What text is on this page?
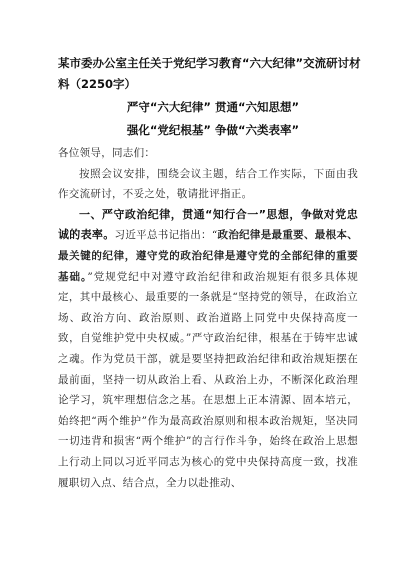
某市委办公室主任关于党纪学习教育“六大纪律”交流研讨材料（2250字）
严守“六大纪律” 贯通“六知思想”
强化“党纪根基” 争做“六类表率”

各位领导，同志们：

按照会议安排，围绕会议主题，结合工作实际，下面由我作交流研讨，不妥之处，敬请批评指正。

一、严守政治纪律，贯通“知行合一”思想，争做对党忠诚的表率。习近平总书记指出：“政治纪律是最重要、最根本、最关键的纪律，遵守党的政治纪律是遵守党的全部纪律的重要基础。”党规党纪中对遵守政治纪律和政治规矩有很多具体规定，其中最核心、最重要的一条就是“坚持党的领导，在政治立场、政治方向、政治原则、政治道路上同党中央保持高度一致，自觉维护党中央权威。”严守政治纪律，根基在于铸牢忠诚之魂。作为党员干部，就是要坚持把政治纪律和政治规矩摆在最前面，坚持一切从政治上看、从政治上办，不断深化政治理论学习，筑牢理想信念之基。在思想上正本清源、固本培元，始终把“两个维护”作为最高政治原则和根本政治规矩，坚决同一切违背和损害“两个维护”的言行作斗争，始终在政治上思想上行动上同以习近平同志为核心的党中央保持高度一致，找准履职切入点、结合点，全力以赴推动、
